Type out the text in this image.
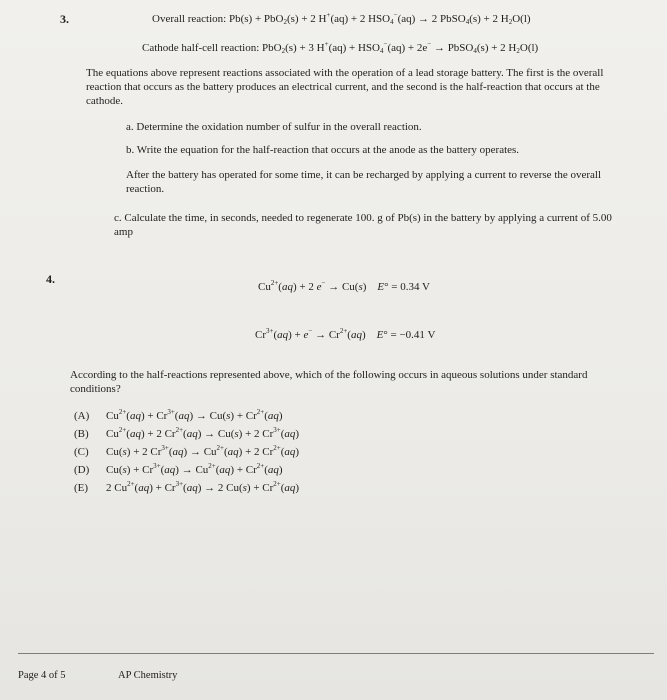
3.	Overall reaction: Pb(s) + PbO$_2$(s) + 2 H+(aq) + 2 $HSO_4^-(aq) \to 2$ PbSO$_4$(s) + 2 $H_2O(l)$
Cathode half-cell reaction: PbO$_2$(s) + 3 $H^+(aq) + HSO_4^-(aq) + 2e^-$ → PbSO$_4$(s) + 2 $H_2O(l)$
The equations above represent reactions associated with the operation of a lead storage battery. The first is the overall reaction that occurs as the battery produces an electrical current, and the second is the half-reaction that occurs at the cathode.
a. Determine the oxidation number of sulfur in the overall reaction.
b. Write the equation for the half-reaction that occurs at the anode as the battery operates.
After the battery has operated for some time, it can be recharged by applying a current to reverse the overall reaction.
c. Calculate the time, in seconds, needed to regenerate 100. g of Pb(s) in the battery by applying a current of 5.00 amp
4.
$Cu^{2+}(aq) + 2$ e− → Cu(s)    E° = 0.34 V
$Cr^{3+}(aq) + e^- \to Cr^{2+}(aq)$    E° = −0.41 V
According to the half-reactions represented above, which of the following occurs in aqueous solutions under standard conditions?
(A) $Cu^{2+}(aq) + Cr^{3+}(aq) \to Cu(s) + Cr^{2+}(aq)$
(B) $Cu^{2+}(aq) + 2$ $Cr^{2+}(aq) \to Cu(s) + 2$ $Cr^{3+}(aq)$
(C) Cu(s) + 2 $Cr^{3+}(aq) \to Cu^{2+}(aq) + 2$ $Cr^{2+}(aq)$
(D) $Cu(s) + Cr^{3+}(aq) \to Cu^{2+}(aq) + Cr^{2+}(aq)$
(E) 2 $Cu^{2+}(aq) + Cr^{3+}(aq) \to 2$ $Cu(s) + Cr^{2+}(aq)$
Page 4 of 5	AP Chemistry
